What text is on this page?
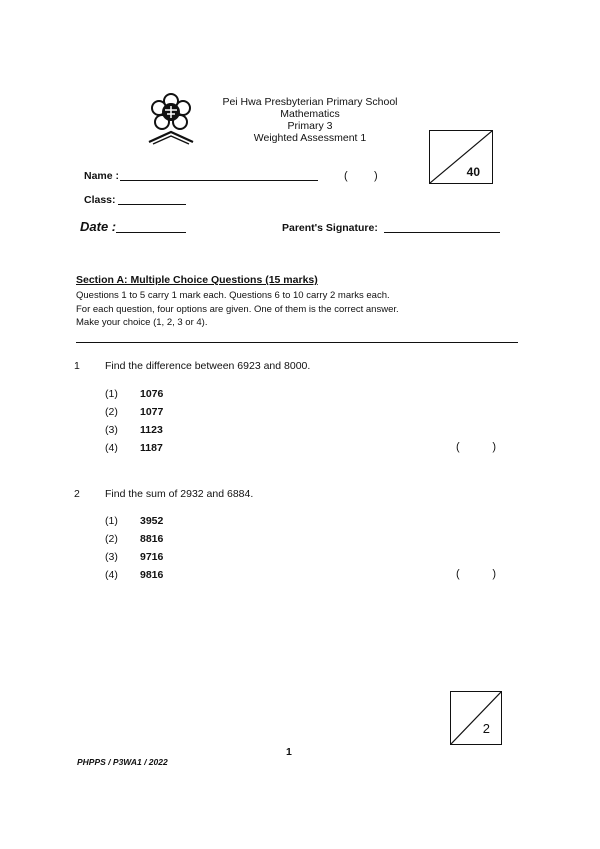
Pei Hwa Presbyterian Primary School
Mathematics
Primary 3
Weighted Assessment 1
40
Name :	( )
Class:
Date :	Parent's Signature:
Section A: Multiple Choice Questions (15 marks)
Questions 1 to 5 carry 1 mark each. Questions 6 to 10 carry 2 marks each.
For each question, four options are given. One of them is the correct answer.
Make your choice (1, 2, 3 or 4).
1 Find the difference between 6923 and 8000.
(1) 1076
(2) 1077
(3) 1123
(4) 1187	(	)
2 Find the sum of 2932 and 6884.
(1) 3952
(2) 8816
(3) 9716
(4) 9816	(	)
2
1
PHPPS / P3WA1 / 2022
